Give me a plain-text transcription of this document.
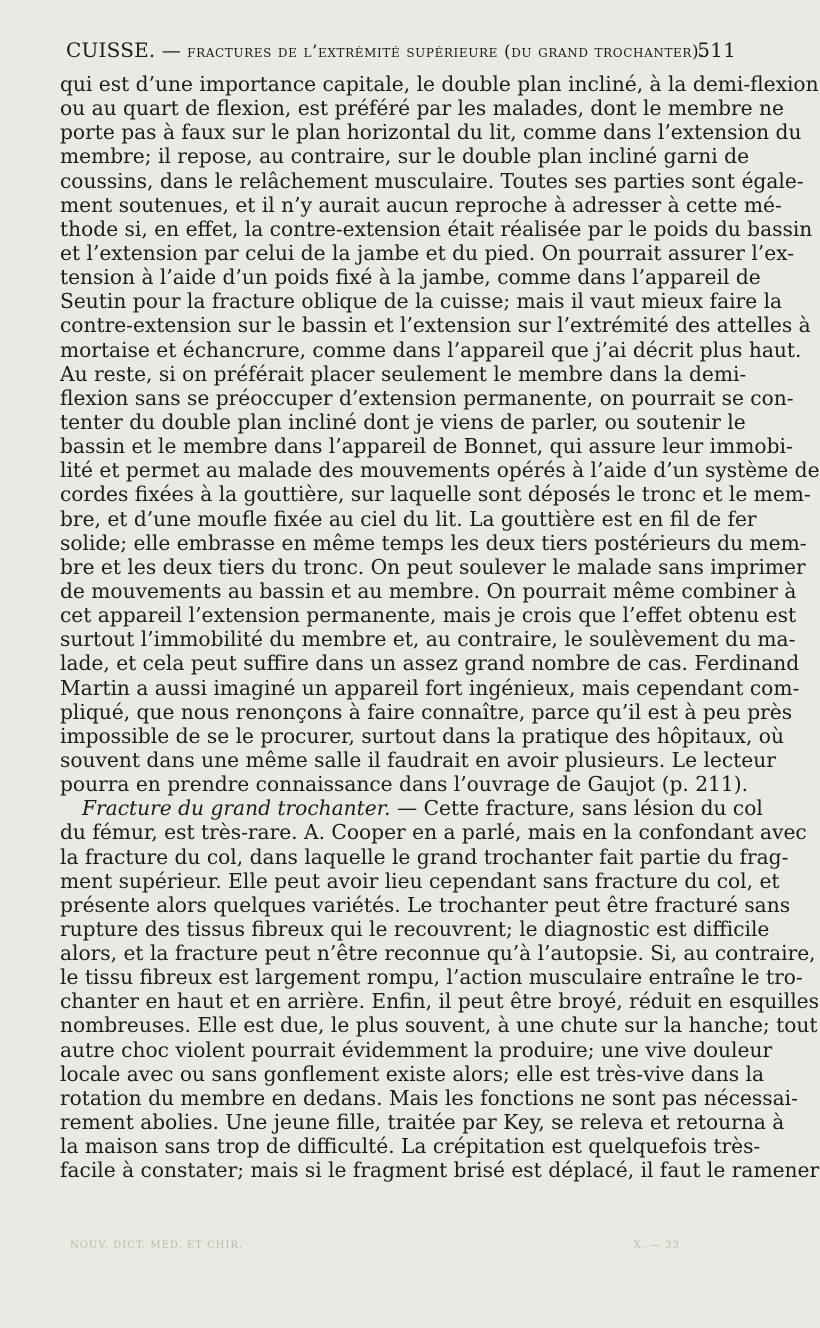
CUISSE. — fractures de l’extrémité supérieure (du grand trochanter).
511
qui est d’une importance capitale, le double plan incliné, à la demi-flexion
ou au quart de flexion, est préféré par les malades, dont le membre ne
porte pas à faux sur le plan horizontal du lit, comme dans l’extension du
membre; il repose, au contraire, sur le double plan incliné garni de
coussins, dans le relâchement musculaire. Toutes ses parties sont égale-
ment soutenues, et il n’y aurait aucun reproche à adresser à cette mé-
thode si, en effet, la contre-extension était réalisée par le poids du bassin
et l’extension par celui de la jambe et du pied. On pourrait assurer l’ex-
tension à l’aide d’un poids fixé à la jambe, comme dans l’appareil de
Seutin pour la fracture oblique de la cuisse; mais il vaut mieux faire la
contre-extension sur le bassin et l’extension sur l’extrémité des attelles à
mortaise et échancrure, comme dans l’appareil que j’ai décrit plus haut.
Au reste, si on préférait placer seulement le membre dans la demi-
flexion sans se préoccuper d’extension permanente, on pourrait se con-
tenter du double plan incliné dont je viens de parler, ou soutenir le
bassin et le membre dans l’appareil de Bonnet, qui assure leur immobi-
lité et permet au malade des mouvements opérés à l’aide d’un système de
cordes fixées à la gouttière, sur laquelle sont déposés le tronc et le mem-
bre, et d’une moufle fixée au ciel du lit. La gouttière est en fil de fer
solide; elle embrasse en même temps les deux tiers postérieurs du mem-
bre et les deux tiers du tronc. On peut soulever le malade sans imprimer
de mouvements au bassin et au membre. On pourrait même combiner à
cet appareil l’extension permanente, mais je crois que l’effet obtenu est
surtout l’immobilité du membre et, au contraire, le soulèvement du ma-
lade, et cela peut suffire dans un assez grand nombre de cas. Ferdinand
Martin a aussi imaginé un appareil fort ingénieux, mais cependant com-
pliqué, que nous renonçons à faire connaître, parce qu’il est à peu près
impossible de se le procurer, surtout dans la pratique des hôpitaux, où
souvent dans une même salle il faudrait en avoir plusieurs. Le lecteur
pourra en prendre connaissance dans l’ouvrage de Gaujot (p. 211).
Fracture du grand trochanter. — Cette fracture, sans lésion du col
du fémur, est très-rare. A. Cooper en a parlé, mais en la confondant avec
la fracture du col, dans laquelle le grand trochanter fait partie du frag-
ment supérieur. Elle peut avoir lieu cependant sans fracture du col, et
présente alors quelques variétés. Le trochanter peut être fracturé sans
rupture des tissus fibreux qui le recouvrent; le diagnostic est difficile
alors, et la fracture peut n’être reconnue qu’à l’autopsie. Si, au contraire,
le tissu fibreux est largement rompu, l’action musculaire entraîne le tro-
chanter en haut et en arrière. Enfin, il peut être broyé, réduit en esquilles
nombreuses. Elle est due, le plus souvent, à une chute sur la hanche; tout
autre choc violent pourrait évidemment la produire; une vive douleur
locale avec ou sans gonflement existe alors; elle est très-vive dans la
rotation du membre en dedans. Mais les fonctions ne sont pas nécessai-
rement abolies. Une jeune fille, traitée par Key, se releva et retourna à
la maison sans trop de difficulté. La crépitation est quelquefois très-
facile à constater; mais si le fragment brisé est déplacé, il faut le ramener
NOUV. DICT. MÉD. ET CHIR.	X. — 33
